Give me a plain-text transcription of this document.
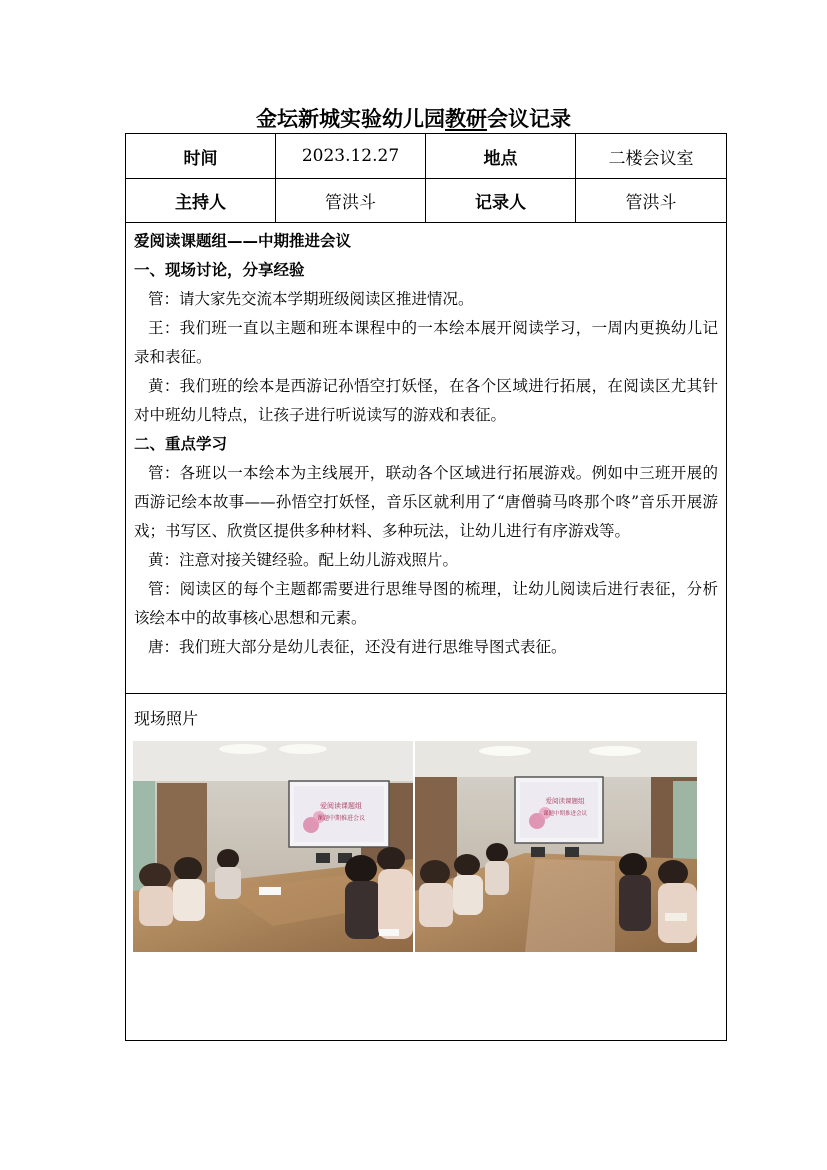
金坛新城实验幼儿园教研会议记录
时间	2023.12.27	地点	二楼会议室
主持人	管洪斗	记录人	管洪斗

爱阅读课题组——中期推进会议

一、现场讨论，分享经验

管：请大家先交流本学期班级阅读区推进情况。

王：我们班一直以主题和班本课程中的一本绘本展开阅读学习，一周内更换幼儿记录和表征。

黄：我们班的绘本是西游记孙悟空打妖怪，在各个区域进行拓展，在阅读区尤其针对中班幼儿特点，让孩子进行听说读写的游戏和表征。

二、重点学习

管：各班以一本绘本为主线展开，联动各个区域进行拓展游戏。例如中三班开展的西游记绘本故事——孙悟空打妖怪，音乐区就利用了“唐僧骑马咚那个咚”音乐开展游戏；书写区、欣赏区提供多种材料、多种玩法，让幼儿进行有序游戏等。

黄：注意对接关键经验。配上幼儿游戏照片。

管：阅读区的每个主题都需要进行思维导图的梳理，让幼儿阅读后进行表征，分析该绘本中的故事核心思想和元素。

唐：我们班大部分是幼儿表征，还没有进行思维导图式表征。

现场照片
爱阅读课题组
课题中期推进会议
爱阅读课题组
课题中期推进会议
